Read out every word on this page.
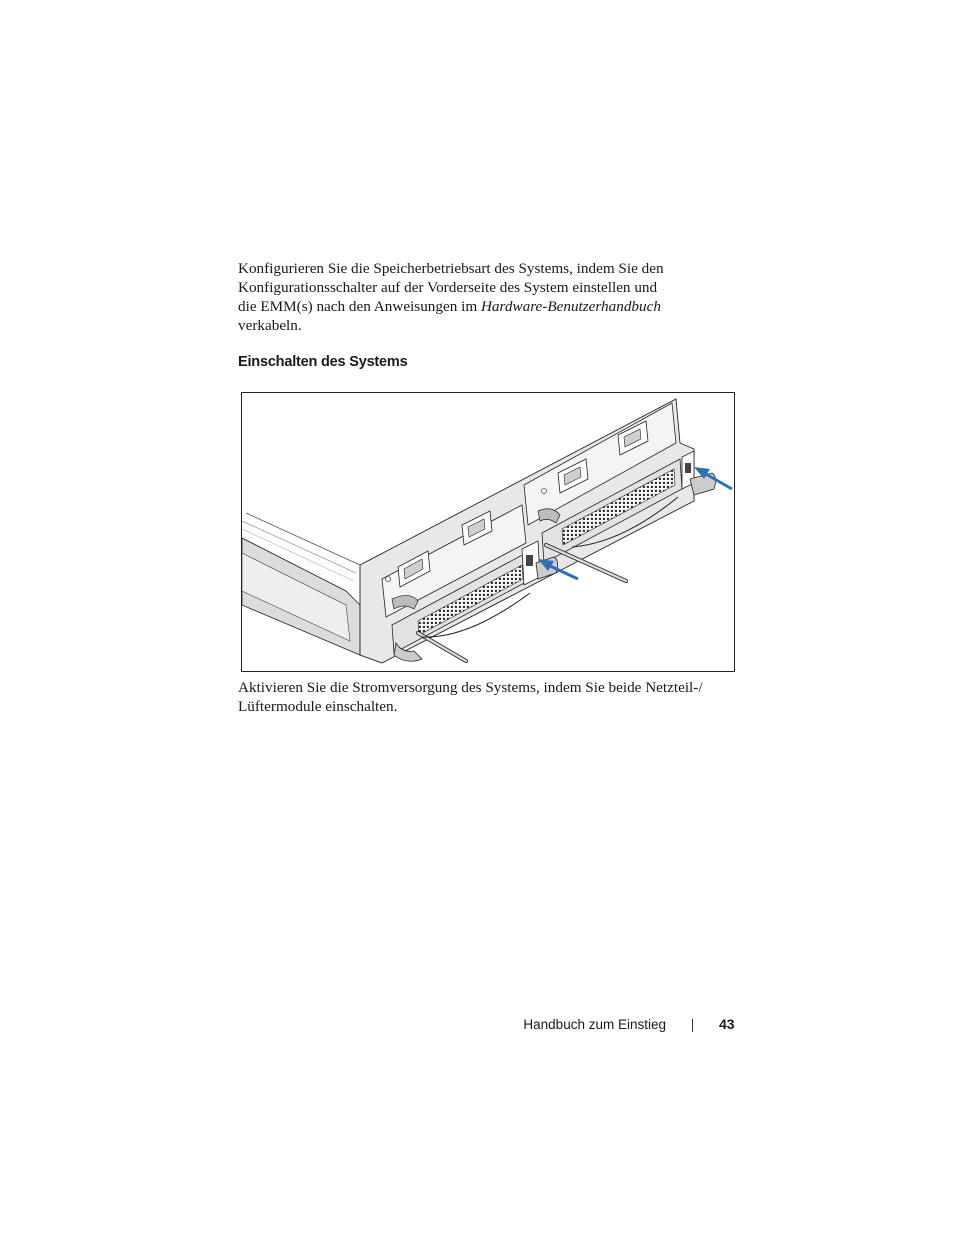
Konfigurieren Sie die Speicherbetriebsart des Systems, indem Sie den
Konfigurationsschalter auf der Vorderseite des System einstellen und
die EMM(s) nach den Anweisungen im Hardware-Benutzerhandbuch
verkabeln.

Einschalten des Systems

Aktivieren Sie die Stromversorgung des Systems, indem Sie beide Netzteil-/
Lüftermodule einschalten.

Handbuch zum Einstieg	43
